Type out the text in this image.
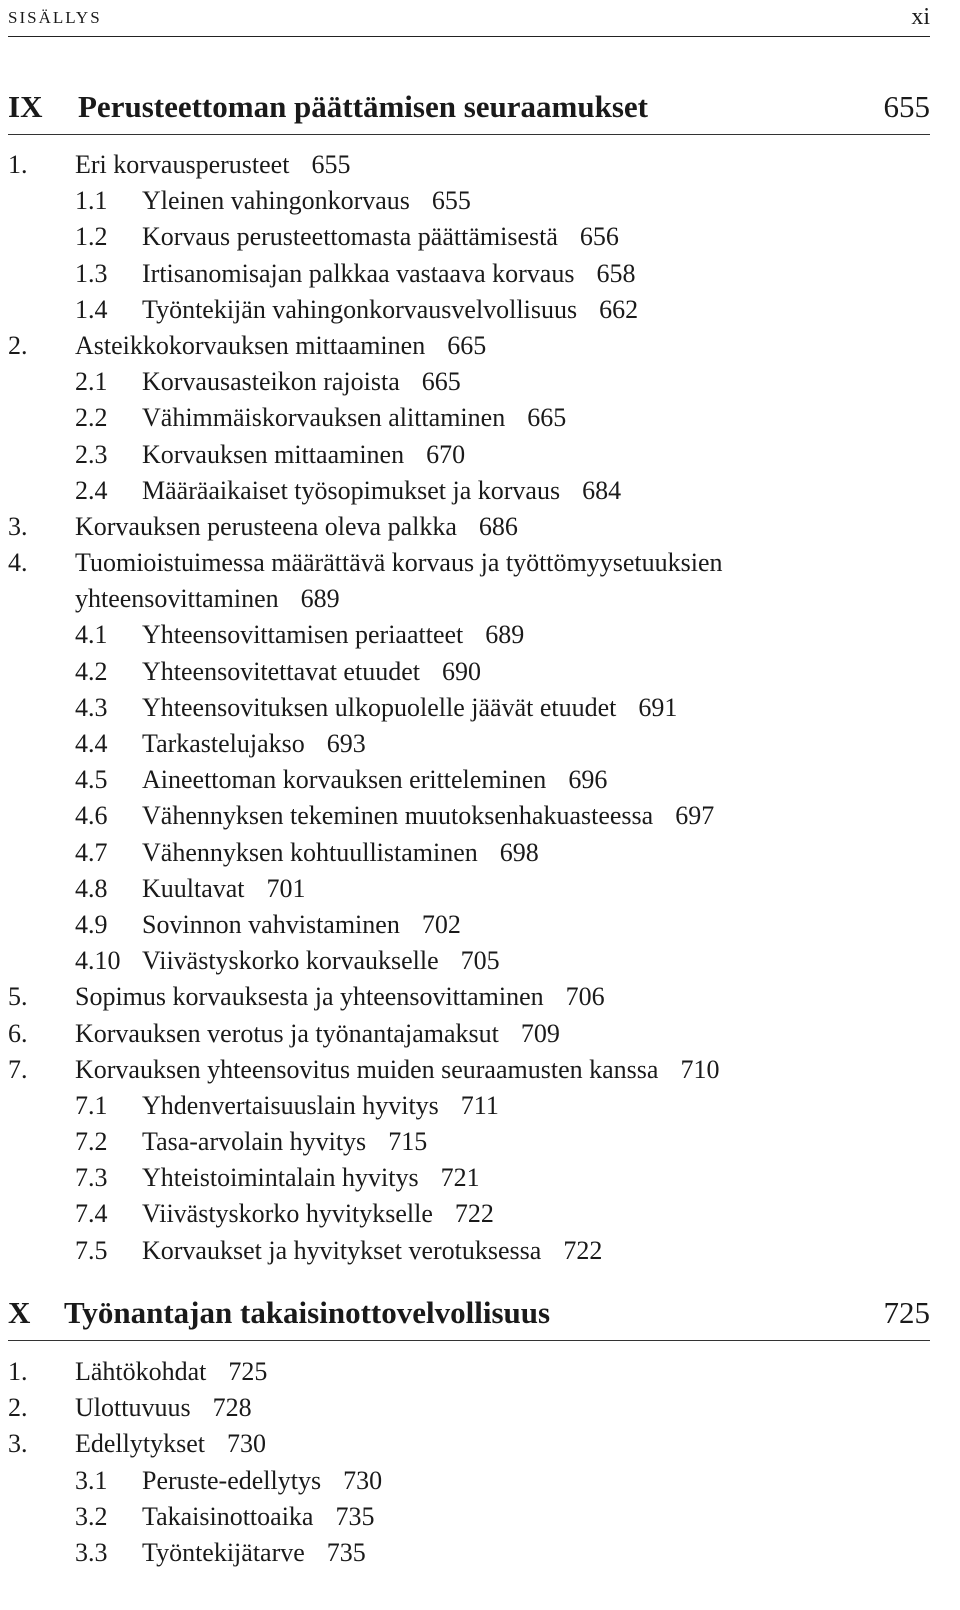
SISÄLLYS	xi
IX Perusteettoman päättämisen seuraamukset	655
1. Eri korvausperusteet 655
1.1 Yleinen vahingonkorvaus 655
1.2 Korvaus perusteettomasta päättämisestä 656
1.3 Irtisanomisajan palkkaa vastaava korvaus 658
1.4 Työntekijän vahingonkorvausvelvollisuus 662
2. Asteikkokorvauksen mittaaminen 665
2.1 Korvausasteikon rajoista 665
2.2 Vähimmäiskorvauksen alittaminen 665
2.3 Korvauksen mittaaminen 670
2.4 Määräaikaiset työsopimukset ja korvaus 684
3. Korvauksen perusteena oleva palkka 686
4. Tuomioistuimessa määrättävä korvaus ja työttömyysetuuksien
yhteensovittaminen 689
4.1 Yhteensovittamisen periaatteet 689
4.2 Yhteensovitettavat etuudet 690
4.3 Yhteensovituksen ulkopuolelle jäävät etuudet 691
4.4 Tarkastelujakso 693
4.5 Aineettoman korvauksen eritteleminen 696
4.6 Vähennyksen tekeminen muutoksenhakuasteessa 697
4.7 Vähennyksen kohtuullistaminen 698
4.8 Kuultavat 701
4.9 Sovinnon vahvistaminen 702
4.10 Viivästyskorko korvaukselle 705
5. Sopimus korvauksesta ja yhteensovittaminen 706
6. Korvauksen verotus ja työnantajamaksut 709
7. Korvauksen yhteensovitus muiden seuraamusten kanssa 710
7.1 Yhdenvertaisuuslain hyvitys 711
7.2 Tasa-arvolain hyvitys 715
7.3 Yhteistoimintalain hyvitys 721
7.4 Viivästyskorko hyvitykselle 722
7.5 Korvaukset ja hyvitykset verotuksessa 722
X Työnantajan takaisinottovelvollisuus	725
1. Lähtökohdat 725
2. Ulottuvuus 728
3. Edellytykset 730
3.1 Peruste-edellytys 730
3.2 Takaisinottoaika 735
3.3 Työntekijätarve 735
